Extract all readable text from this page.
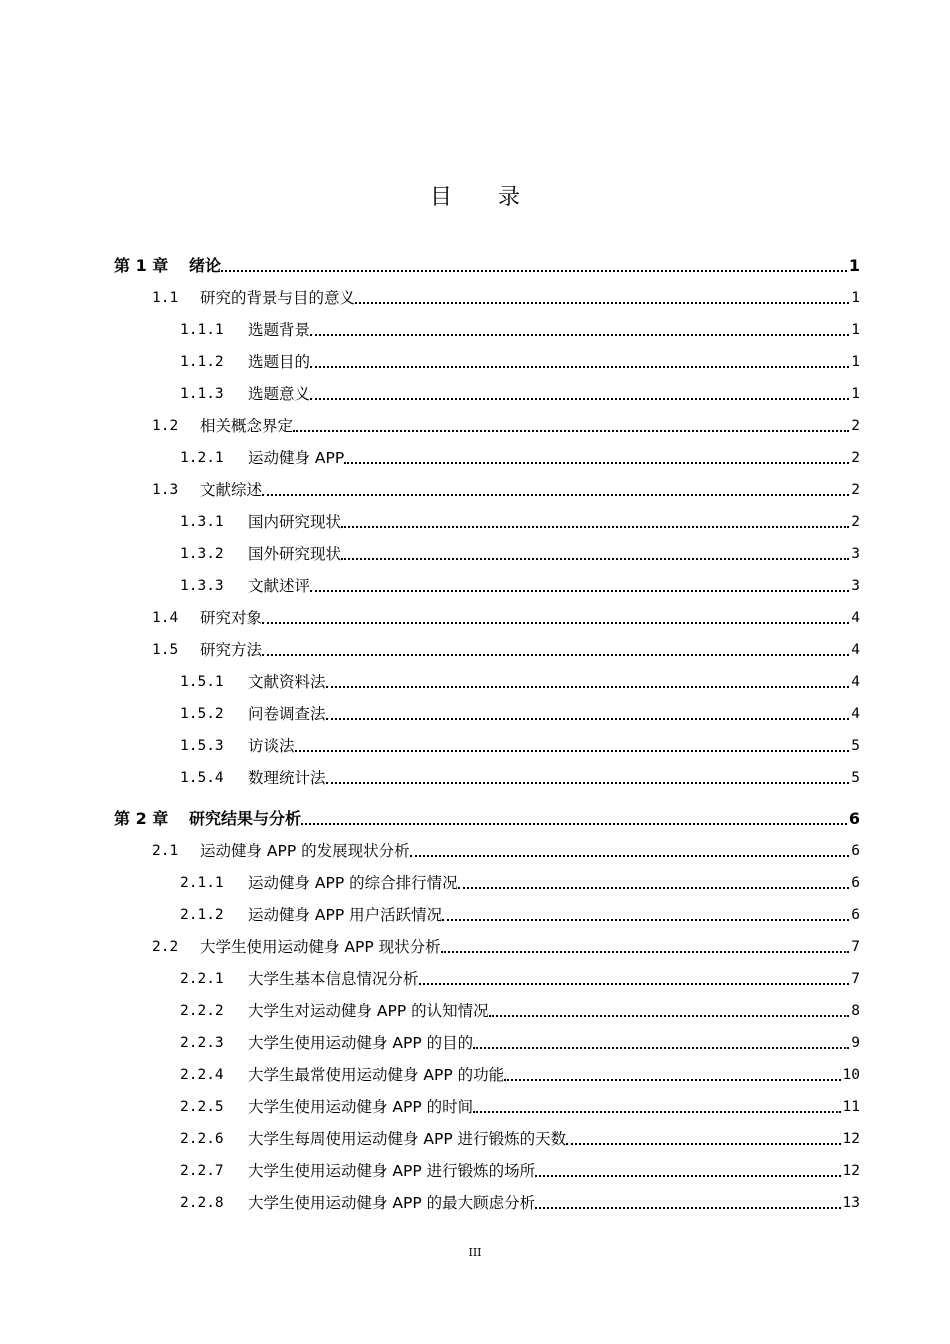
目 录
第 1 章	绪论	1
1.1	研究的背景与目的意义	1
1.1.1	选题背景	1
1.1.2	选题目的	1
1.1.3	选题意义	1
1.2	相关概念界定	2
1.2.1	运动健身 APP	2
1.3	文献综述	2
1.3.1	国内研究现状	2
1.3.2	国外研究现状	3
1.3.3	文献述评	3
1.4	研究对象	4
1.5	研究方法	4
1.5.1	文献资料法	4
1.5.2	问卷调查法	4
1.5.3	访谈法	5
1.5.4	数理统计法	5
第 2 章	研究结果与分析	6
2.1	运动健身 APP 的发展现状分析	6
2.1.1	运动健身 APP 的综合排行情况	6
2.1.2	运动健身 APP 用户活跃情况	6
2.2	大学生使用运动健身 APP 现状分析	7
2.2.1	大学生基本信息情况分析	7
2.2.2	大学生对运动健身 APP 的认知情况	8
2.2.3	大学生使用运动健身 APP 的目的	9
2.2.4	大学生最常使用运动健身 APP 的功能	10
2.2.5	大学生使用运动健身 APP 的时间	11
2.2.6	大学生每周使用运动健身 APP 进行锻炼的天数	12
2.2.7	大学生使用运动健身 APP 进行锻炼的场所	12
2.2.8	大学生使用运动健身 APP 的最大顾虑分析	13
III
